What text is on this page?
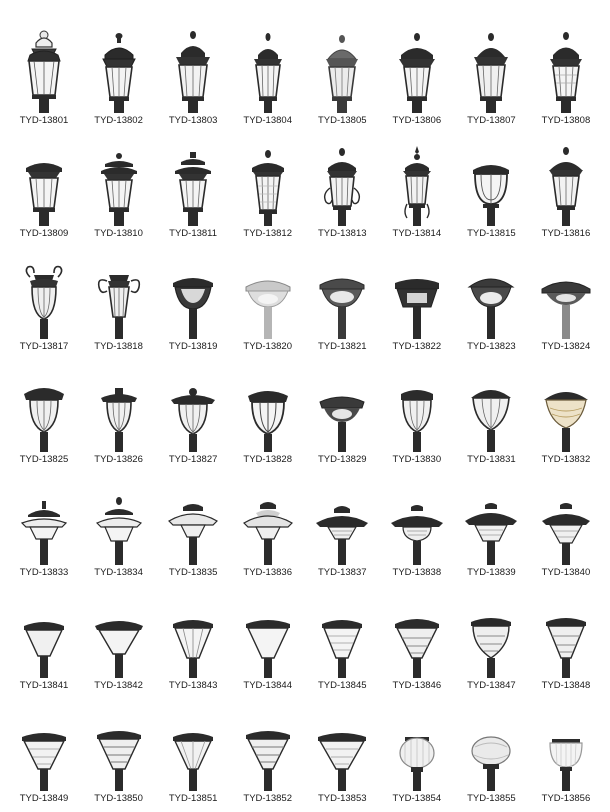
TYD-13801	TYD-13802	TYD-13803	TYD-13804	TYD-13805	TYD-13806	TYD-13807	TYD-13808
TYD-13809	TYD-13810	TYD-13811	TYD-13812	TYD-13813	TYD-13814	TYD-13815	TYD-13816
TYD-13817	TYD-13818	TYD-13819	TYD-13820	TYD-13821	TYD-13822	TYD-13823	TYD-13824
TYD-13825	TYD-13826	TYD-13827	TYD-13828	TYD-13829	TYD-13830	TYD-13831	TYD-13832
TYD-13833	TYD-13834	TYD-13835	TYD-13836	TYD-13837	TYD-13838	TYD-13839	TYD-13840
TYD-13841	TYD-13842	TYD-13843	TYD-13844	TYD-13845	TYD-13846	TYD-13847	TYD-13848
TYD-13849	TYD-13850	TYD-13851	TYD-13852	TYD-13853	TYD-13854	TYD-13855	TYD-13856
